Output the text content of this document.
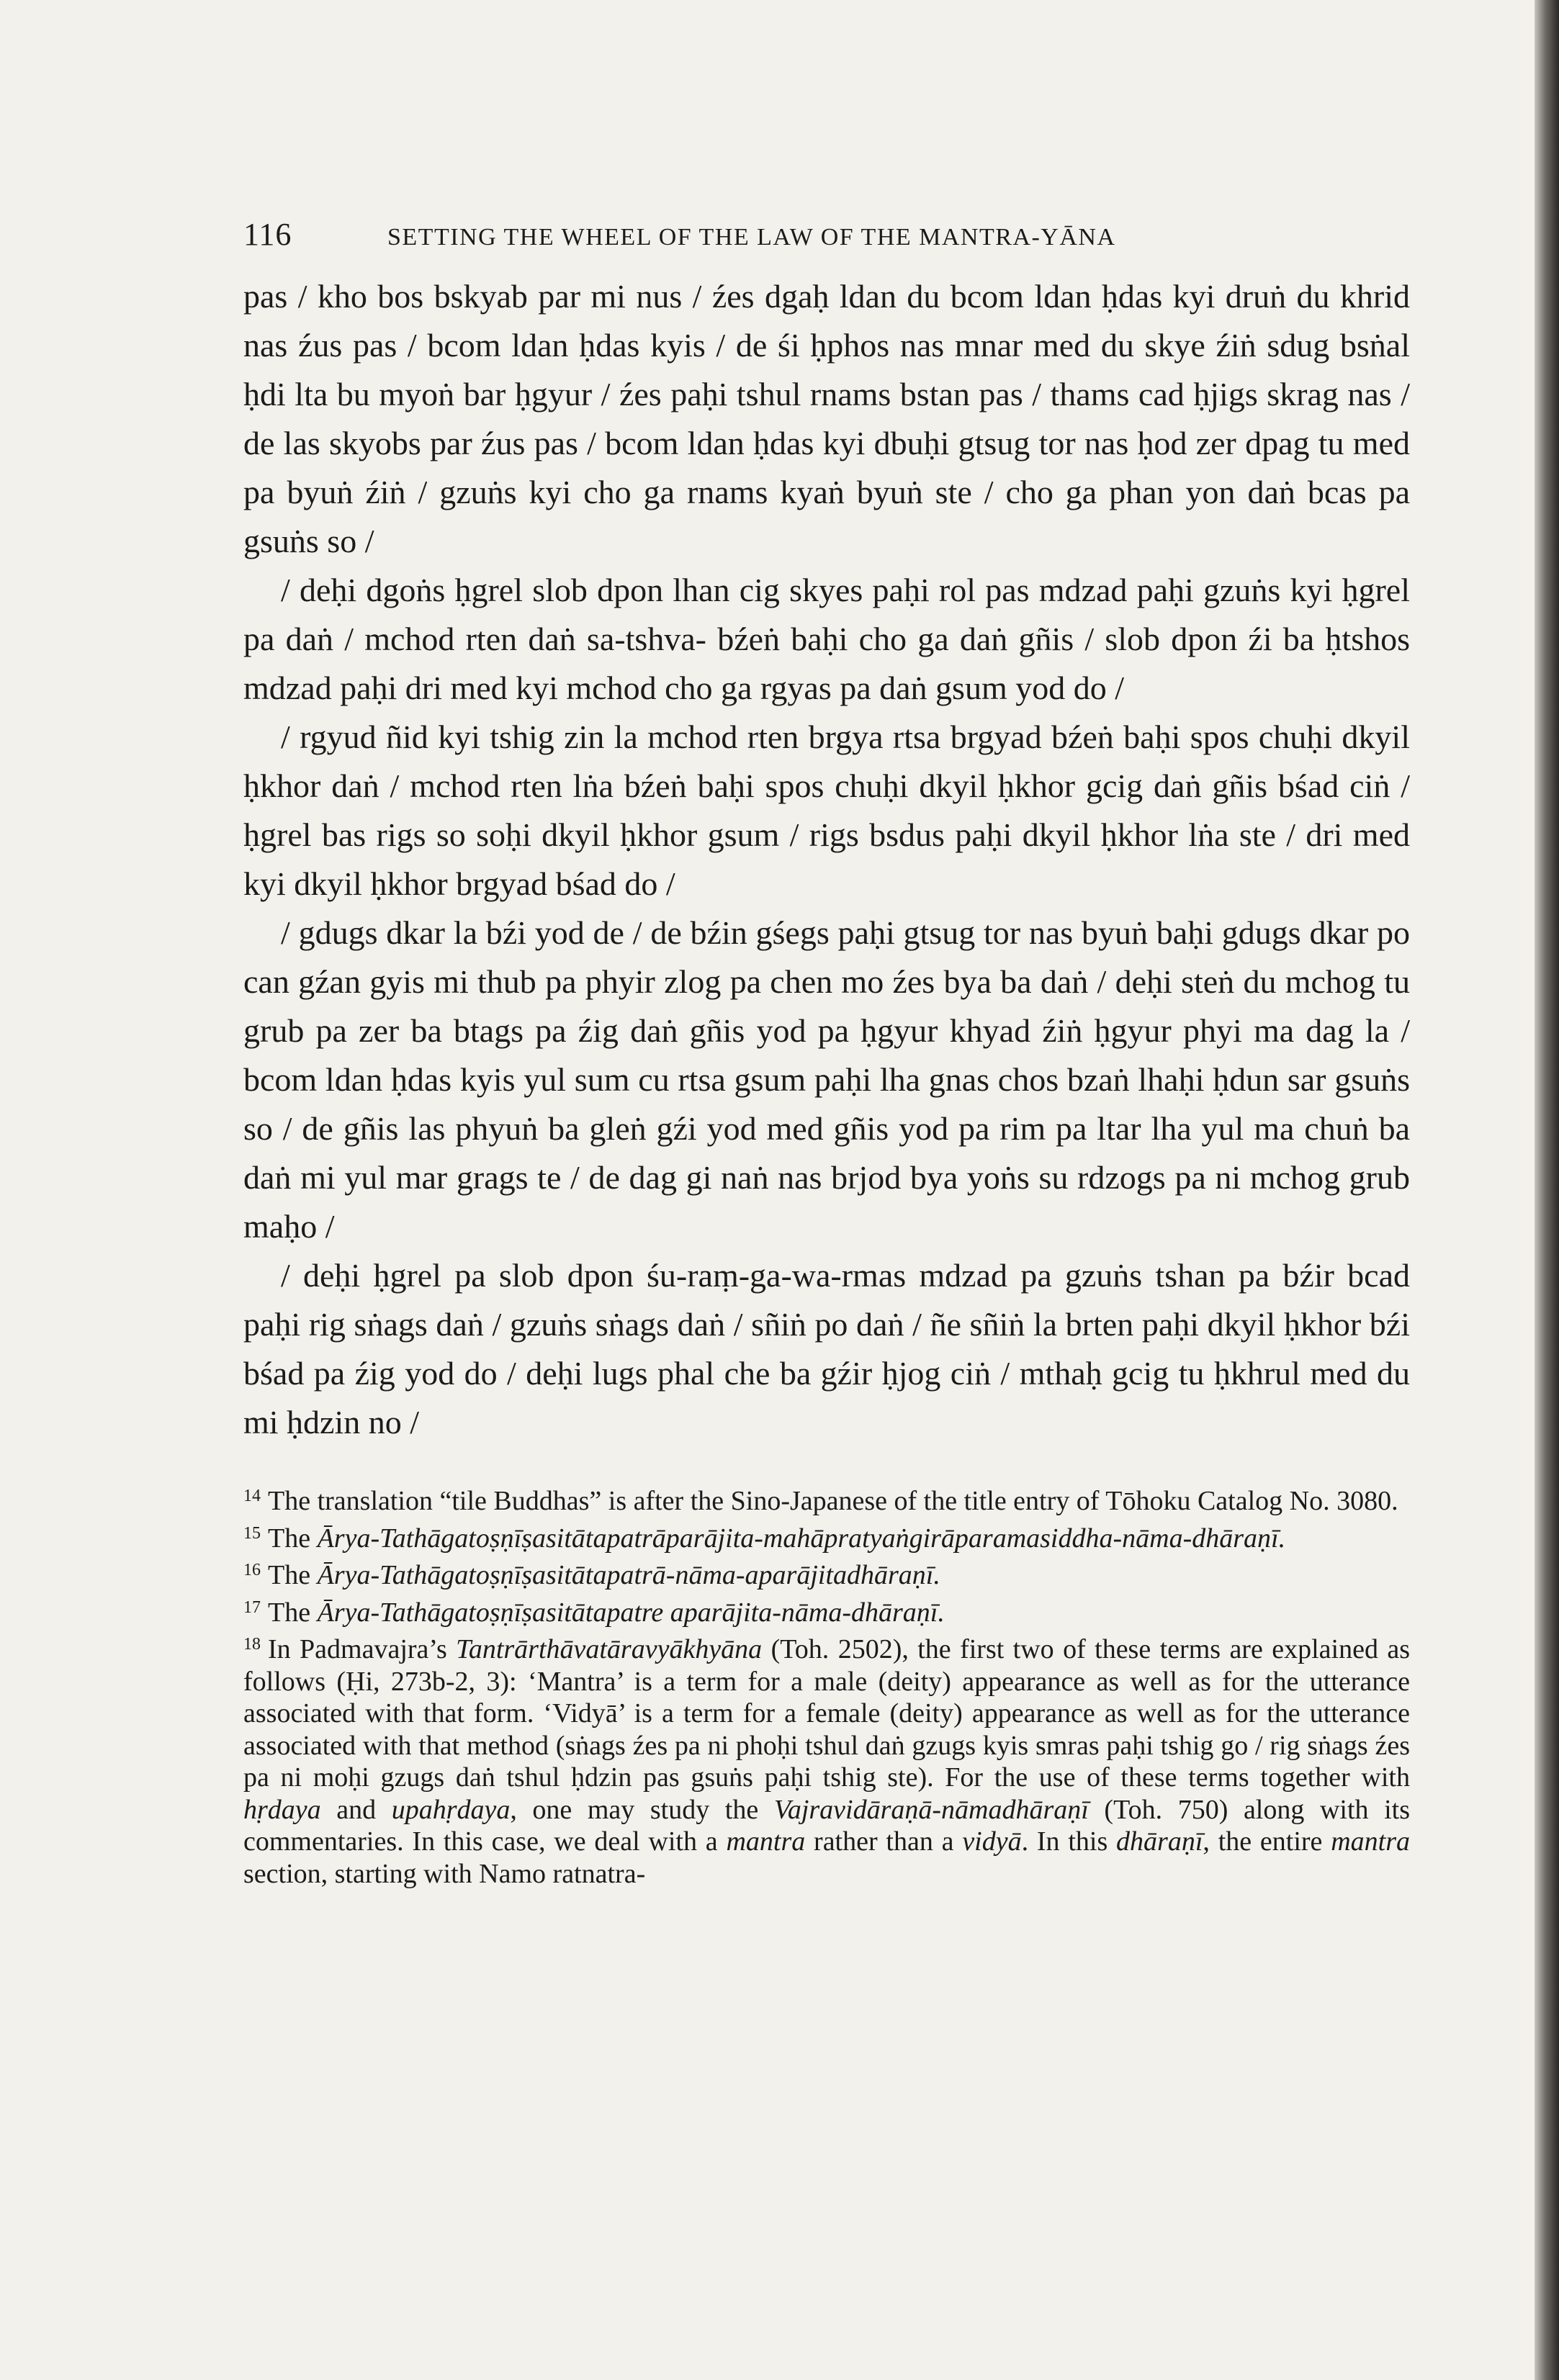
116	SETTING THE WHEEL OF THE LAW OF THE MANTRA-YĀNA

pas / kho bos bskyab par mi nus / źes dgaḥ ldan du bcom ldan ḥdas kyi druṅ du khrid nas źus pas / bcom ldan ḥdas kyis / de śi ḥphos nas mnar med du skye źiṅ sdug bsṅal ḥdi lta bu myoṅ bar ḥgyur / źes paḥi tshul rnams bstan pas / thams cad ḥjigs skrag nas / de las skyobs par źus pas / bcom ldan ḥdas kyi dbuḥi gtsug tor nas ḥod zer dpag tu med pa byuṅ źiṅ / gzuṅs kyi cho ga rnams kyaṅ byuṅ ste / cho ga phan yon daṅ bcas pa gsuṅs so /

/ deḥi dgoṅs ḥgrel slob dpon lhan cig skyes paḥi rol pas mdzad paḥi gzuṅs kyi ḥgrel pa daṅ / mchod rten daṅ sa-tshva- bźeṅ baḥi cho ga daṅ gñis / slob dpon źi ba ḥtshos mdzad paḥi dri med kyi mchod cho ga rgyas pa daṅ gsum yod do /

/ rgyud ñid kyi tshig zin la mchod rten brgya rtsa brgyad bźeṅ baḥi spos chuḥi dkyil ḥkhor daṅ / mchod rten lṅa bźeṅ baḥi spos chuḥi dkyil ḥkhor gcig daṅ gñis bśad ciṅ / ḥgrel bas rigs so soḥi dkyil ḥkhor gsum / rigs bsdus paḥi dkyil ḥkhor lṅa ste / dri med kyi dkyil ḥkhor brgyad bśad do /

/ gdugs dkar la bźi yod de / de bźin gśegs paḥi gtsug tor nas byuṅ baḥi gdugs dkar po can gźan gyis mi thub pa phyir zlog pa chen mo źes bya ba daṅ / deḥi steṅ du mchog tu grub pa zer ba btags pa źig daṅ gñis yod pa ḥgyur khyad źiṅ ḥgyur phyi ma dag la / bcom ldan ḥdas kyis yul sum cu rtsa gsum paḥi lha gnas chos bzaṅ lhaḥi ḥdun sar gsuṅs so / de gñis las phyuṅ ba gleṅ gźi yod med gñis yod pa rim pa ltar lha yul ma chuṅ ba daṅ mi yul mar grags te / de dag gi naṅ nas brjod bya yoṅs su rdzogs pa ni mchog grub maḥo /

/ deḥi ḥgrel pa slob dpon śu-raṃ-ga-wa-rmas mdzad pa gzuṅs tshan pa bźir bcad paḥi rig sṅags daṅ / gzuṅs sṅags daṅ / sñiṅ po daṅ / ñe sñiṅ la brten paḥi dkyil ḥkhor bźi bśad pa źig yod do / deḥi lugs phal che ba gźir ḥjog ciṅ / mthaḥ gcig tu ḥkhrul med du mi ḥdzin no /

$^{14}$ The translation “tile Buddhas” is after the Sino-Japanese of the title entry of Tōhoku Catalog No. 3080.

$^{15}$ The Ārya-Tathāgatoṣṇīṣasitātapatrāparājita-mahāpratyaṅgirāparamasiddha-nāma-dhāraṇī.

$^{16}$ The Ārya-Tathāgatoṣṇīṣasitātapatrā-nāma-aparājitadhāraṇī.

$^{17}$ The Ārya-Tathāgatoṣṇīṣasitātapatre aparājita-nāma-dhāraṇī.

$^{18}$ In Padmavajra’s Tantrārthāvatāravyākhyāna (Toh. 2502), the first two of these terms are explained as follows (Ḥi, 273b-2, 3): ‘Mantra’ is a term for a male (deity) appearance as well as for the utterance associated with that form. ‘Vidyā’ is a term for a female (deity) appearance as well as for the utterance associated with that method (sṅags źes pa ni phoḥi tshul daṅ gzugs kyis smras paḥi tshig go / rig sṅags źes pa ni moḥi gzugs daṅ tshul ḥdzin pas gsuṅs paḥi tshig ste). For the use of these terms together with hṛdaya and upahṛdaya, one may study the Vajravidāraṇā-nāmadhāraṇī (Toh. 750) along with its commentaries. In this case, we deal with a mantra rather than a vidyā. In this dhāraṇī, the entire mantra section, starting with Namo ratnatra-
